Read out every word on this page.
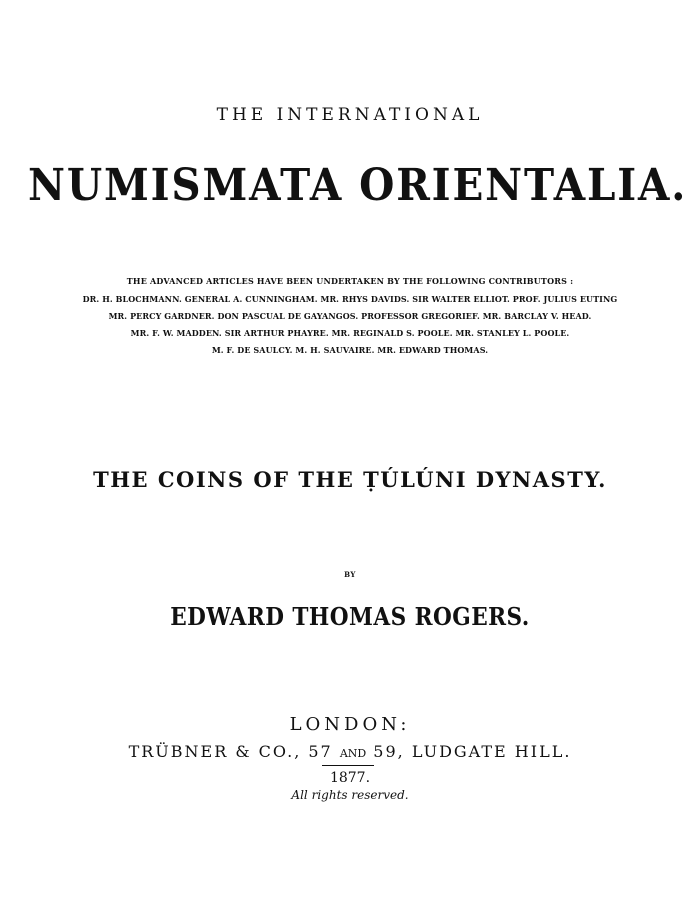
THE INTERNATIONAL
NUMISMATA ORIENTALIA.

THE ADVANCED ARTICLES HAVE BEEN UNDERTAKEN BY THE FOLLOWING CONTRIBUTORS :

DR. H. BLOCHMANN. GENERAL A. CUNNINGHAM. MR. RHYS DAVIDS. SIR WALTER ELLIOT. PROF. JULIUS EUTING

MR. PERCY GARDNER. DON PASCUAL DE GAYANGOS. PROFESSOR GREGORIEF. MR. BARCLAY V. HEAD.

MR. F. W. MADDEN. SIR ARTHUR PHAYRE. MR. REGINALD S. POOLE. MR. STANLEY L. POOLE.

M. F. DE SAULCY. M. H. SAUVAIRE. MR. EDWARD THOMAS.

THE COINS OF THE ṬÚLÚNI DYNASTY.

BY

EDWARD THOMAS ROGERS.

LONDON:

TRÜBNER & CO., 57 AND 59, LUDGATE HILL.

1877.

All rights reserved.
